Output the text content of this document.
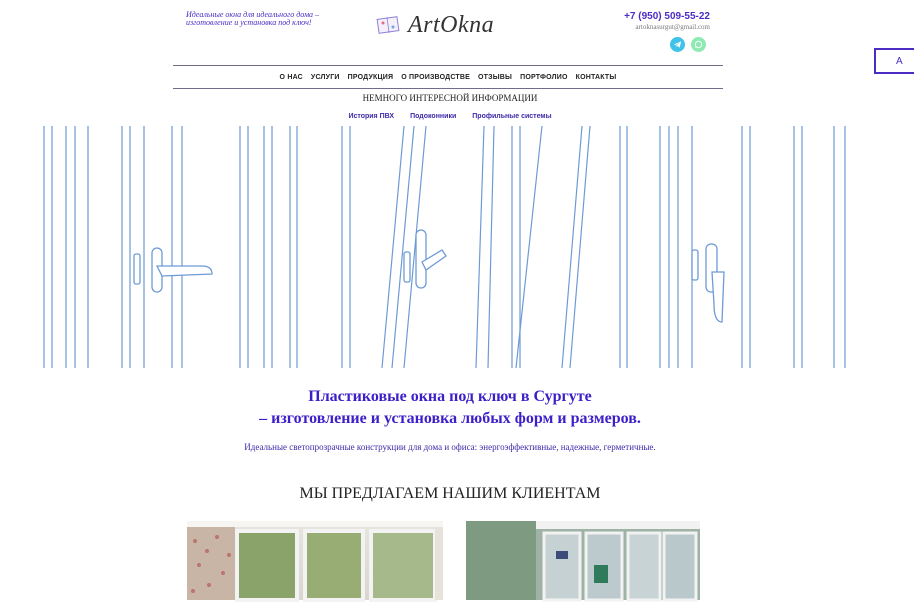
Идеальные окна для идеального дома – изготовление и установка под ключ!	ArtOkna	+7 (950) 509-55-22
artoknasurgut@gmail.com
А
О НАС УСЛУГИ ПРОДУКЦИЯ О ПРОИЗВОДСТВЕ ОТЗЫВЫ ПОРТФОЛИО КОНТАКТЫ
НЕМНОГО ИНТЕРЕСНОЙ ИНФОРМАЦИИ
История ПВХ Подоконники Профильные системы
Пластиковые окна под ключ в Сургуте
– изготовление и установка любых форм и размеров.
Идеальные светопрозрачные конструкции для дома и офиса: энергоэффективные, надежные, герметичные.
МЫ ПРЕДЛАГАЕМ НАШИМ КЛИЕНТАМ
